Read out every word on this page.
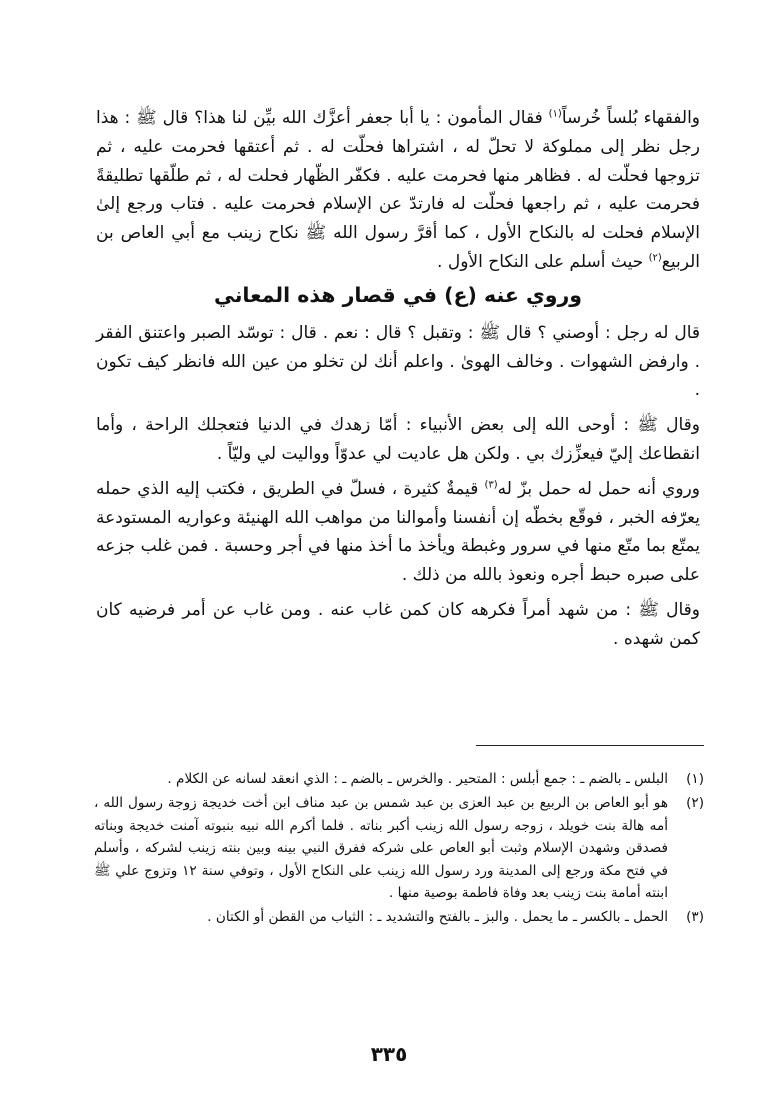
والفقهاء بُلساً خُرساً$^{(١)}$ فقال المأمون : يا أبا جعفر أعزَّك الله بيِّن لنا هذا؟ قال ﷺ : هذا رجل نظر إلى مملوكة لا تحلّ له ، اشتراها فحلّت له . ثم أعتقها فحرمت عليه ، ثم تزوجها فحلّت له . فظاهر منها فحرمت عليه . فكفّر الظّهار فحلت له ، ثم طلّقها تطليقةً فحرمت عليه ، ثم راجعها فحلّت له فارتدّ عن الإسلام فحرمت عليه . فتاب ورجع إلىٰ الإسلام فحلت له بالنكاح الأول ، كما أقرَّ رسول الله ﷺ نكاح زينب مع أبي العاص بن الربيع$^{(٢)}$ حيث أسلم على النكاح الأول .

وروي عنه (ع) في قصار هذه المعاني

قال له رجل : أوصني ؟ قال ﷺ : وتقبل ؟ قال : نعم . قال : توسّد الصبر واعتنق الفقر . وارفض الشهوات . وخالف الهوىٰ . واعلم أنك لن تخلو من عين الله فانظر كيف تكون .

وقال ﷺ : أوحى الله إلى بعض الأنبياء : أمّا زهدك في الدنيا فتعجلك الراحة ، وأما انقطاعك إليّ فيعزِّزك بي . ولكن هل عاديت لي عدوّاً وواليت لي وليّاً .

وروي أنه حمل له حمل بزّ له$^{(٣)}$ قيمةٌ كثيرة ، فسلّ في الطريق ، فكتب إليه الذي حمله يعرّفه الخبر ، فوقّع بخطّه إن أنفسنا وأموالنا من مواهب الله الهنيئة وعواريه المستودعة يمتّع بما متّع منها في سرور وغبطة ويأخذ ما أخذ منها في أجر وحسبة . فمن غلب جزعه على صبره حبط أجره ونعوذ بالله من ذلك .

وقال ﷺ : من شهد أمراً فكرهه كان كمن غاب عنه . ومن غاب عن أمر فرضيه كان كمن شهده .

(١)
البلس ـ بالضم ـ : جمع أبلس : المتحير . والخرس ـ بالضم ـ : الذي انعقد لسانه عن الكلام .
(٢)
هو أبو العاص بن الربيع بن عبد العزى بن عبد شمس بن عبد مناف ابن أخت خديجة زوجة رسول الله ، أمه هالة بنت خويلد ، زوجه رسول الله زينب أكبر بناته . فلما أكرم الله نبيه بنبوته آمنت خديجة وبناته فصدقن وشهدن الإسلام وثبت أبو العاص على شركه ففرق النبي بينه وبين بنته زينب لشركه ، وأسلم في فتح مكة ورجع إلى المدينة ورد رسول الله زينب على النكاح الأول ، وتوفي سنة ١٢ وتزوج علي ﷺ ابنته أمامة بنت زينب بعد وفاة فاطمة بوصية منها .
(٣)
الحمل ـ بالكسر ـ ما يحمل . والبز ـ بالفتح والتشديد ـ : الثياب من القطن أو الكتان .
٣٣٥
